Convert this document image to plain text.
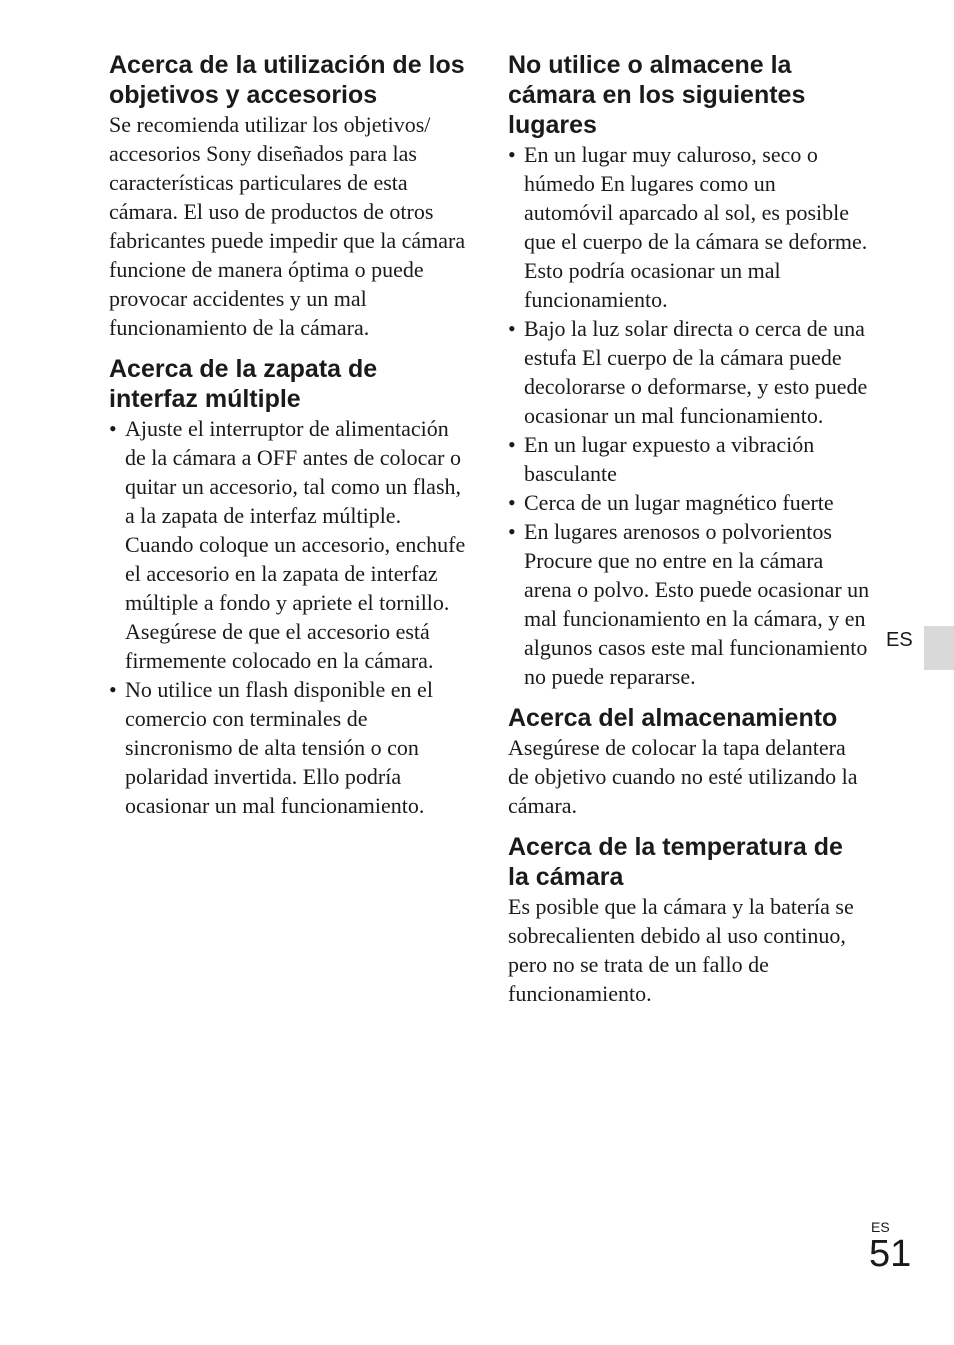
Acerca de la utilización de los objetivos y accesorios

Se recomienda utilizar los objetivos/ accesorios Sony diseñados para las características particulares de esta cámara. El uso de productos de otros fabricantes puede impedir que la cámara funcione de manera óptima o puede provocar accidentes y un mal funcionamiento de la cámara.

Acerca de la zapata de interfaz múltiple
• Ajuste el interruptor de alimentación de la cámara a OFF antes de colocar o quitar un accesorio, tal como un flash, a la zapata de interfaz múltiple. Cuando coloque un accesorio, enchufe el accesorio en la zapata de interfaz múltiple a fondo y apriete el tornillo. Asegúrese de que el accesorio está firmemente colocado en la cámara.
• No utilice un flash disponible en el comercio con terminales de sincronismo de alta tensión o con polaridad invertida. Ello podría ocasionar un mal funcionamiento.
No utilice o almacene la cámara en los siguientes lugares
• En un lugar muy caluroso, seco o húmedo En lugares como un automóvil aparcado al sol, es posible que el cuerpo de la cámara se deforme. Esto podría ocasionar un mal funcionamiento.
• Bajo la luz solar directa o cerca de una estufa El cuerpo de la cámara puede decolorarse o deformarse, y esto puede ocasionar un mal funcionamiento.
• En un lugar expuesto a vibración basculante
• Cerca de un lugar magnético fuerte
• En lugares arenosos o polvorientos Procure que no entre en la cámara arena o polvo. Esto puede ocasionar un mal funcionamiento en la cámara, y en algunos casos este mal funcionamiento no puede repararse.
Acerca del almacenamiento

Asegúrese de colocar la tapa delantera de objetivo cuando no esté utilizando la cámara.

Acerca de la temperatura de la cámara

Es posible que la cámara y la batería se sobrecalienten debido al uso continuo, pero no se trata de un fallo de funcionamiento.

ES
ES
51
